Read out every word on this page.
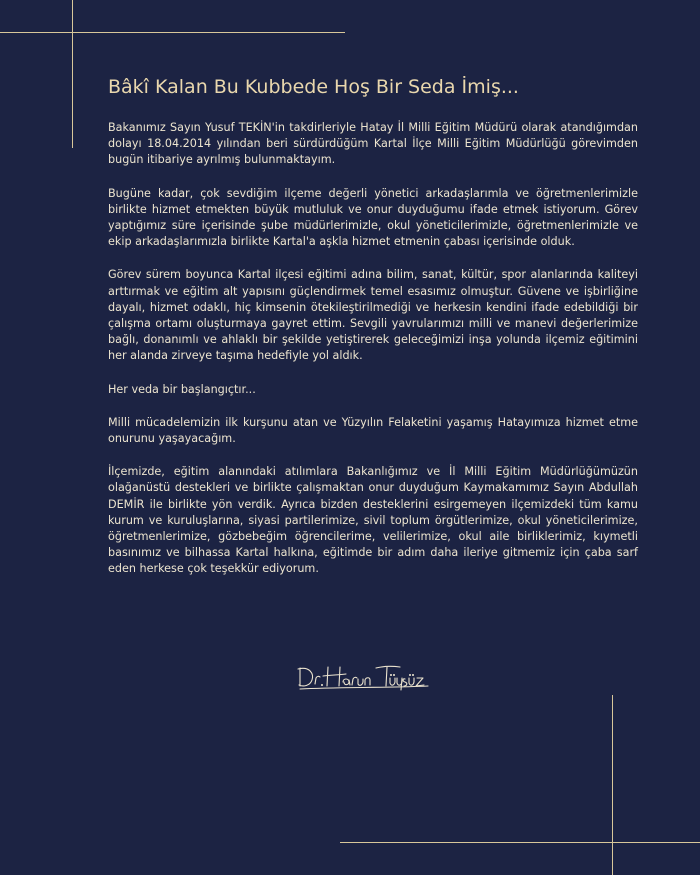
Bâkî Kalan Bu Kubbede Hoş Bir Seda İmiş...

Bakanımız Sayın Yusuf TEKİN'in takdirleriyle Hatay İl Milli Eğitim Müdürü olarak atandığımdan dolayı 18.04.2014 yılından beri sürdürdüğüm Kartal İlçe Milli Eğitim Müdürlüğü görevimden bugün itibariye ayrılmış bulunmaktayım.

Bugüne kadar, çok sevdiğim ilçeme değerli yönetici arkadaşlarımla ve öğretmenlerimizle birlikte hizmet etmekten büyük mutluluk ve onur duyduğumu ifade etmek istiyorum. Görev yaptığımız süre içerisinde şube müdürlerimizle, okul yöneticilerimizle, öğretmenlerimizle ve ekip arkadaşlarımızla birlikte Kartal'a aşkla hizmet etmenin çabası içerisinde olduk.

Görev sürem boyunca Kartal ilçesi eğitimi adına bilim, sanat, kültür, spor alanlarında kaliteyi arttırmak ve eğitim alt yapısını güçlendirmek temel esasımız olmuştur. Güvene ve işbirliğine dayalı, hizmet odaklı, hiç kimsenin ötekileştirilmediği ve herkesin kendini ifade edebildiği bir çalışma ortamı oluşturmaya gayret ettim. Sevgili yavrularımızı milli ve manevi değerlerimize bağlı, donanımlı ve ahlaklı bir şekilde yetiştirerek geleceğimizi inşa yolunda ilçemiz eğitimini her alanda zirveye taşıma hedefiyle yol aldık.

Her veda bir başlangıçtır...

Milli mücadelemizin ilk kurşunu atan ve Yüzyılın Felaketini yaşamış Hatayımıza hizmet etme onurunu yaşayacağım.

İlçemizde, eğitim alanındaki atılımlara Bakanlığımız ve İl Milli Eğitim Müdürlüğümüzün olağanüstü destekleri ve birlikte çalışmaktan onur duyduğum Kaymakamımız Sayın Abdullah DEMİR ile birlikte yön verdik. Ayrıca bizden desteklerini esirgemeyen ilçemizdeki tüm kamu kurum ve kuruluşlarına, siyasi partilerimize, sivil toplum örgütlerimize, okul yöneticilerimize, öğretmenlerimize, gözbebeğim öğrencilerime, velilerimize, okul aile birliklerimiz, kıymetli basınımız ve bilhassa Kartal halkına, eğitimde bir adım daha ileriye gitmemiz için çaba sarf eden herkese çok teşekkür ediyorum.
